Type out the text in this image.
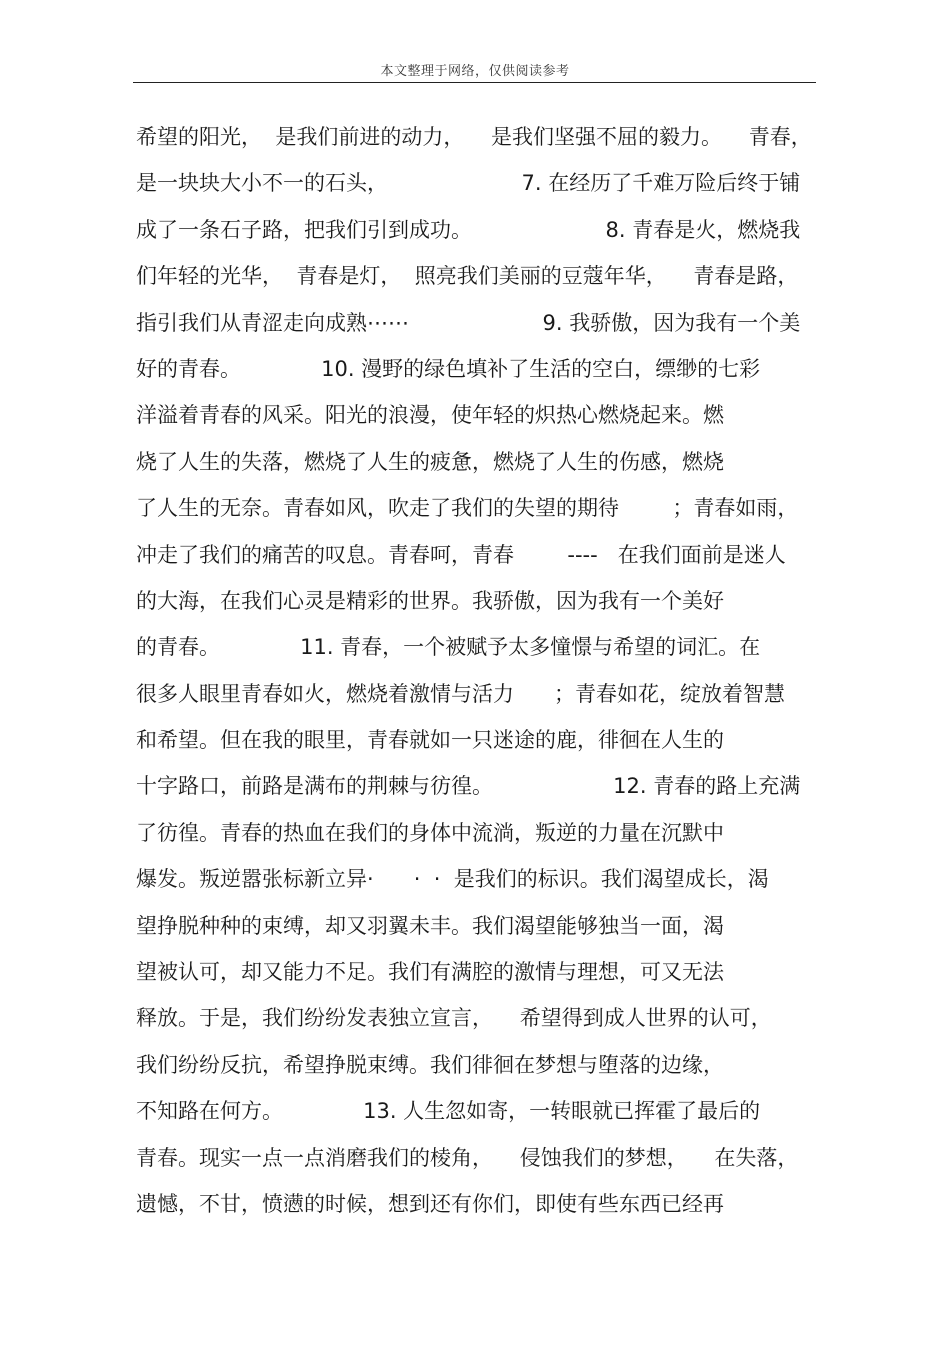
本文整理于网络，仅供阅读参考
希望的阳光，  是我们前进的动力，    是我们坚强不屈的毅力。    青春，
是一块块大小不一的石头，                    7. 在经历了千难万险后终于铺
成了一条石子路，把我们引到成功。                    8. 青春是火，燃烧我
们年轻的光华，  青春是灯，  照亮我们美丽的豆蔻年华，    青春是路，
指引我们从青涩走向成熟⋯⋯                    9. 我骄傲，因为我有一个美
好的青春。            10. 漫野的绿色填补了生活的空白，缥缈的七彩
洋溢着青春的风采。阳光的浪漫，使年轻的炽热心燃烧起来。燃
烧了人生的失落，燃烧了人生的疲惫，燃烧了人生的伤感，燃烧
了人生的无奈。青春如风，吹走了我们的失望的期待        ；青春如雨，
冲走了我们的痛苦的叹息。青春呵，青春        ----   在我们面前是迷人
的大海，在我们心灵是精彩的世界。我骄傲，因为我有一个美好
的青春。            11. 青春，一个被赋予太多憧憬与希望的词汇。在
很多人眼里青春如火，燃烧着激情与活力      ；青春如花，绽放着智慧
和希望。但在我的眼里，青春就如一只迷途的鹿，徘徊在人生的
十字路口，前路是满布的荆棘与彷徨。                  12. 青春的路上充满
了彷徨。青春的热血在我们的身体中流淌，叛逆的力量在沉默中
爆发。叛逆嚣张标新立异·      ·  ·  是我们的标识。我们渴望成长，渴
望挣脱种种的束缚，却又羽翼未丰。我们渴望能够独当一面，渴
望被认可，却又能力不足。我们有满腔的激情与理想，可又无法
释放。于是，我们纷纷发表独立宣言，    希望得到成人世界的认可，
我们纷纷反抗，希望挣脱束缚。我们徘徊在梦想与堕落的边缘，
不知路在何方。            13. 人生忽如寄，一转眼就已挥霍了最后的
青春。现实一点一点消磨我们的棱角，    侵蚀我们的梦想，    在失落，
遗憾，不甘，愤懑的时候，想到还有你们，即使有些东西已经再
